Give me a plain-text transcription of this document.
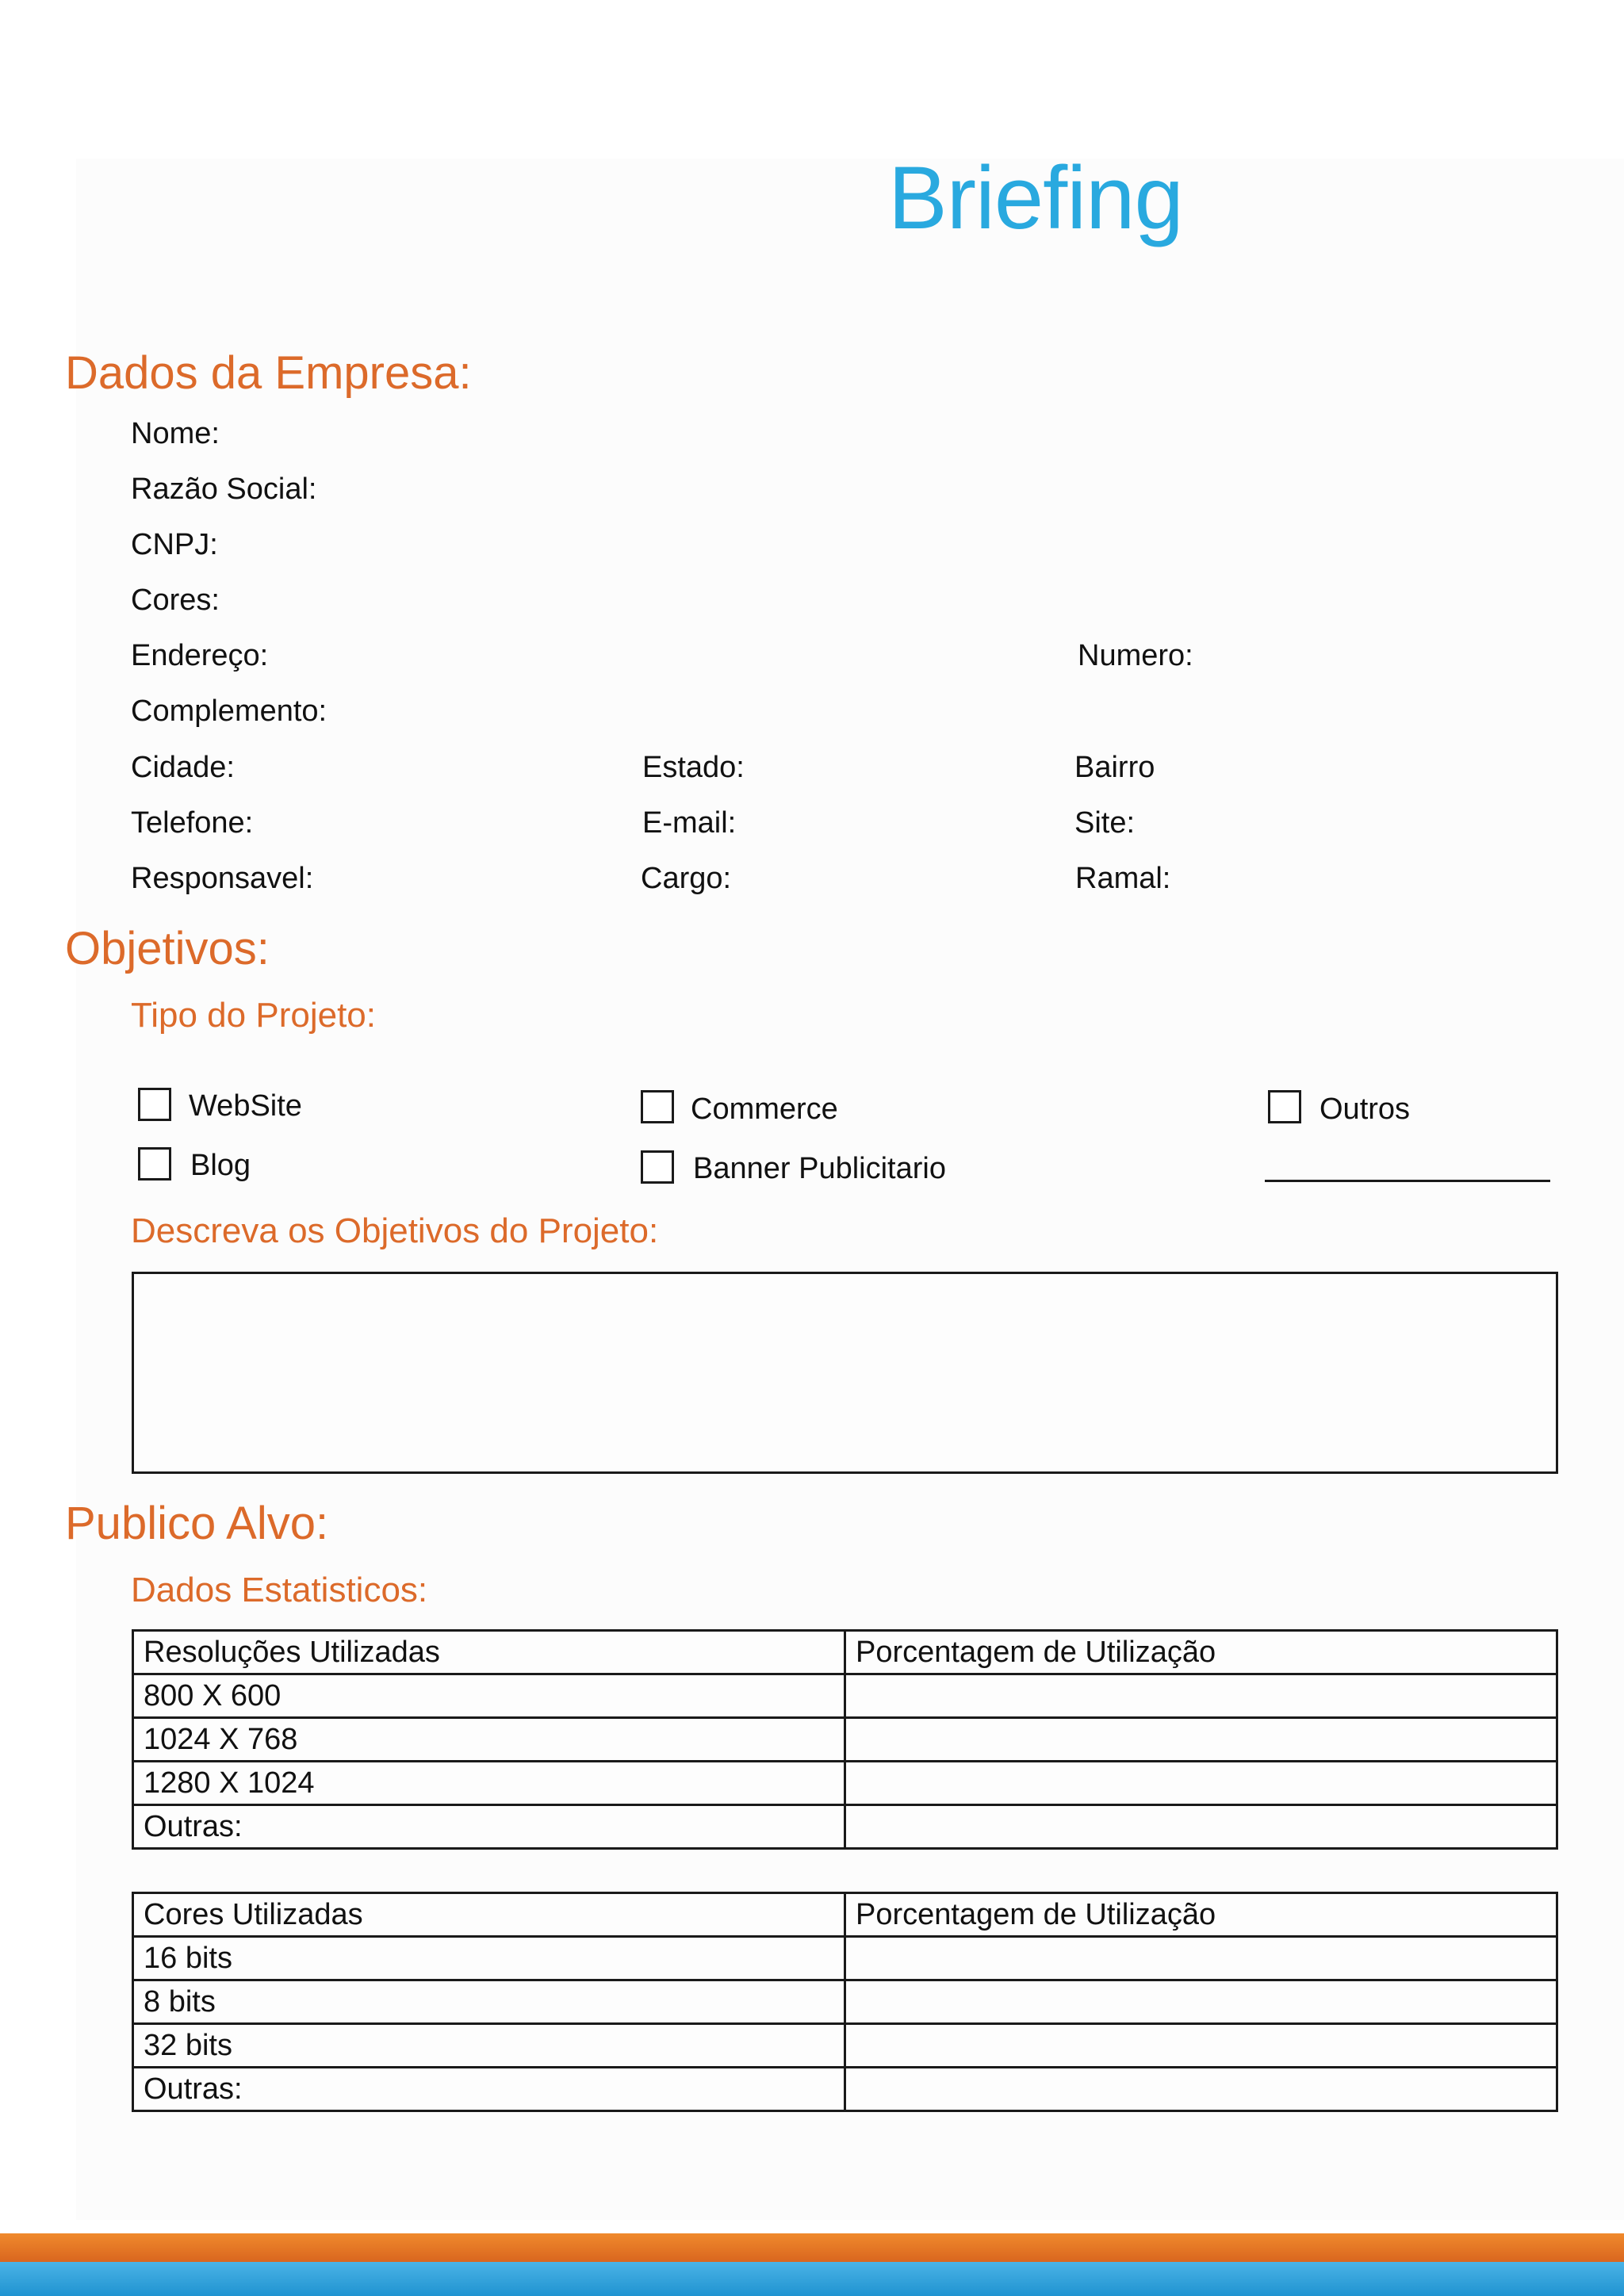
Briefing
Dados da Empresa:
Nome:
Razão Social:
CNPJ:
Cores:
Endereço:	Numero:
Complemento:
Cidade:	Estado:	Bairro
Telefone:	E-mail:	Site:
Responsavel:	Cargo:	Ramal:
Objetivos:
Tipo do Projeto:
WebSite
Blog
Commerce
Banner Publicitario
Outros
Descreva os Objetivos do Projeto:
Publico Alvo:
Dados Estatisticos:
Resoluções Utilizadas	Porcentagem de Utilização
800 X 600	
1024 X 768	
1280 X 1024	
Outras:	
Cores Utilizadas	Porcentagem de Utilização
16 bits	
8 bits	
32 bits	
Outras:	
